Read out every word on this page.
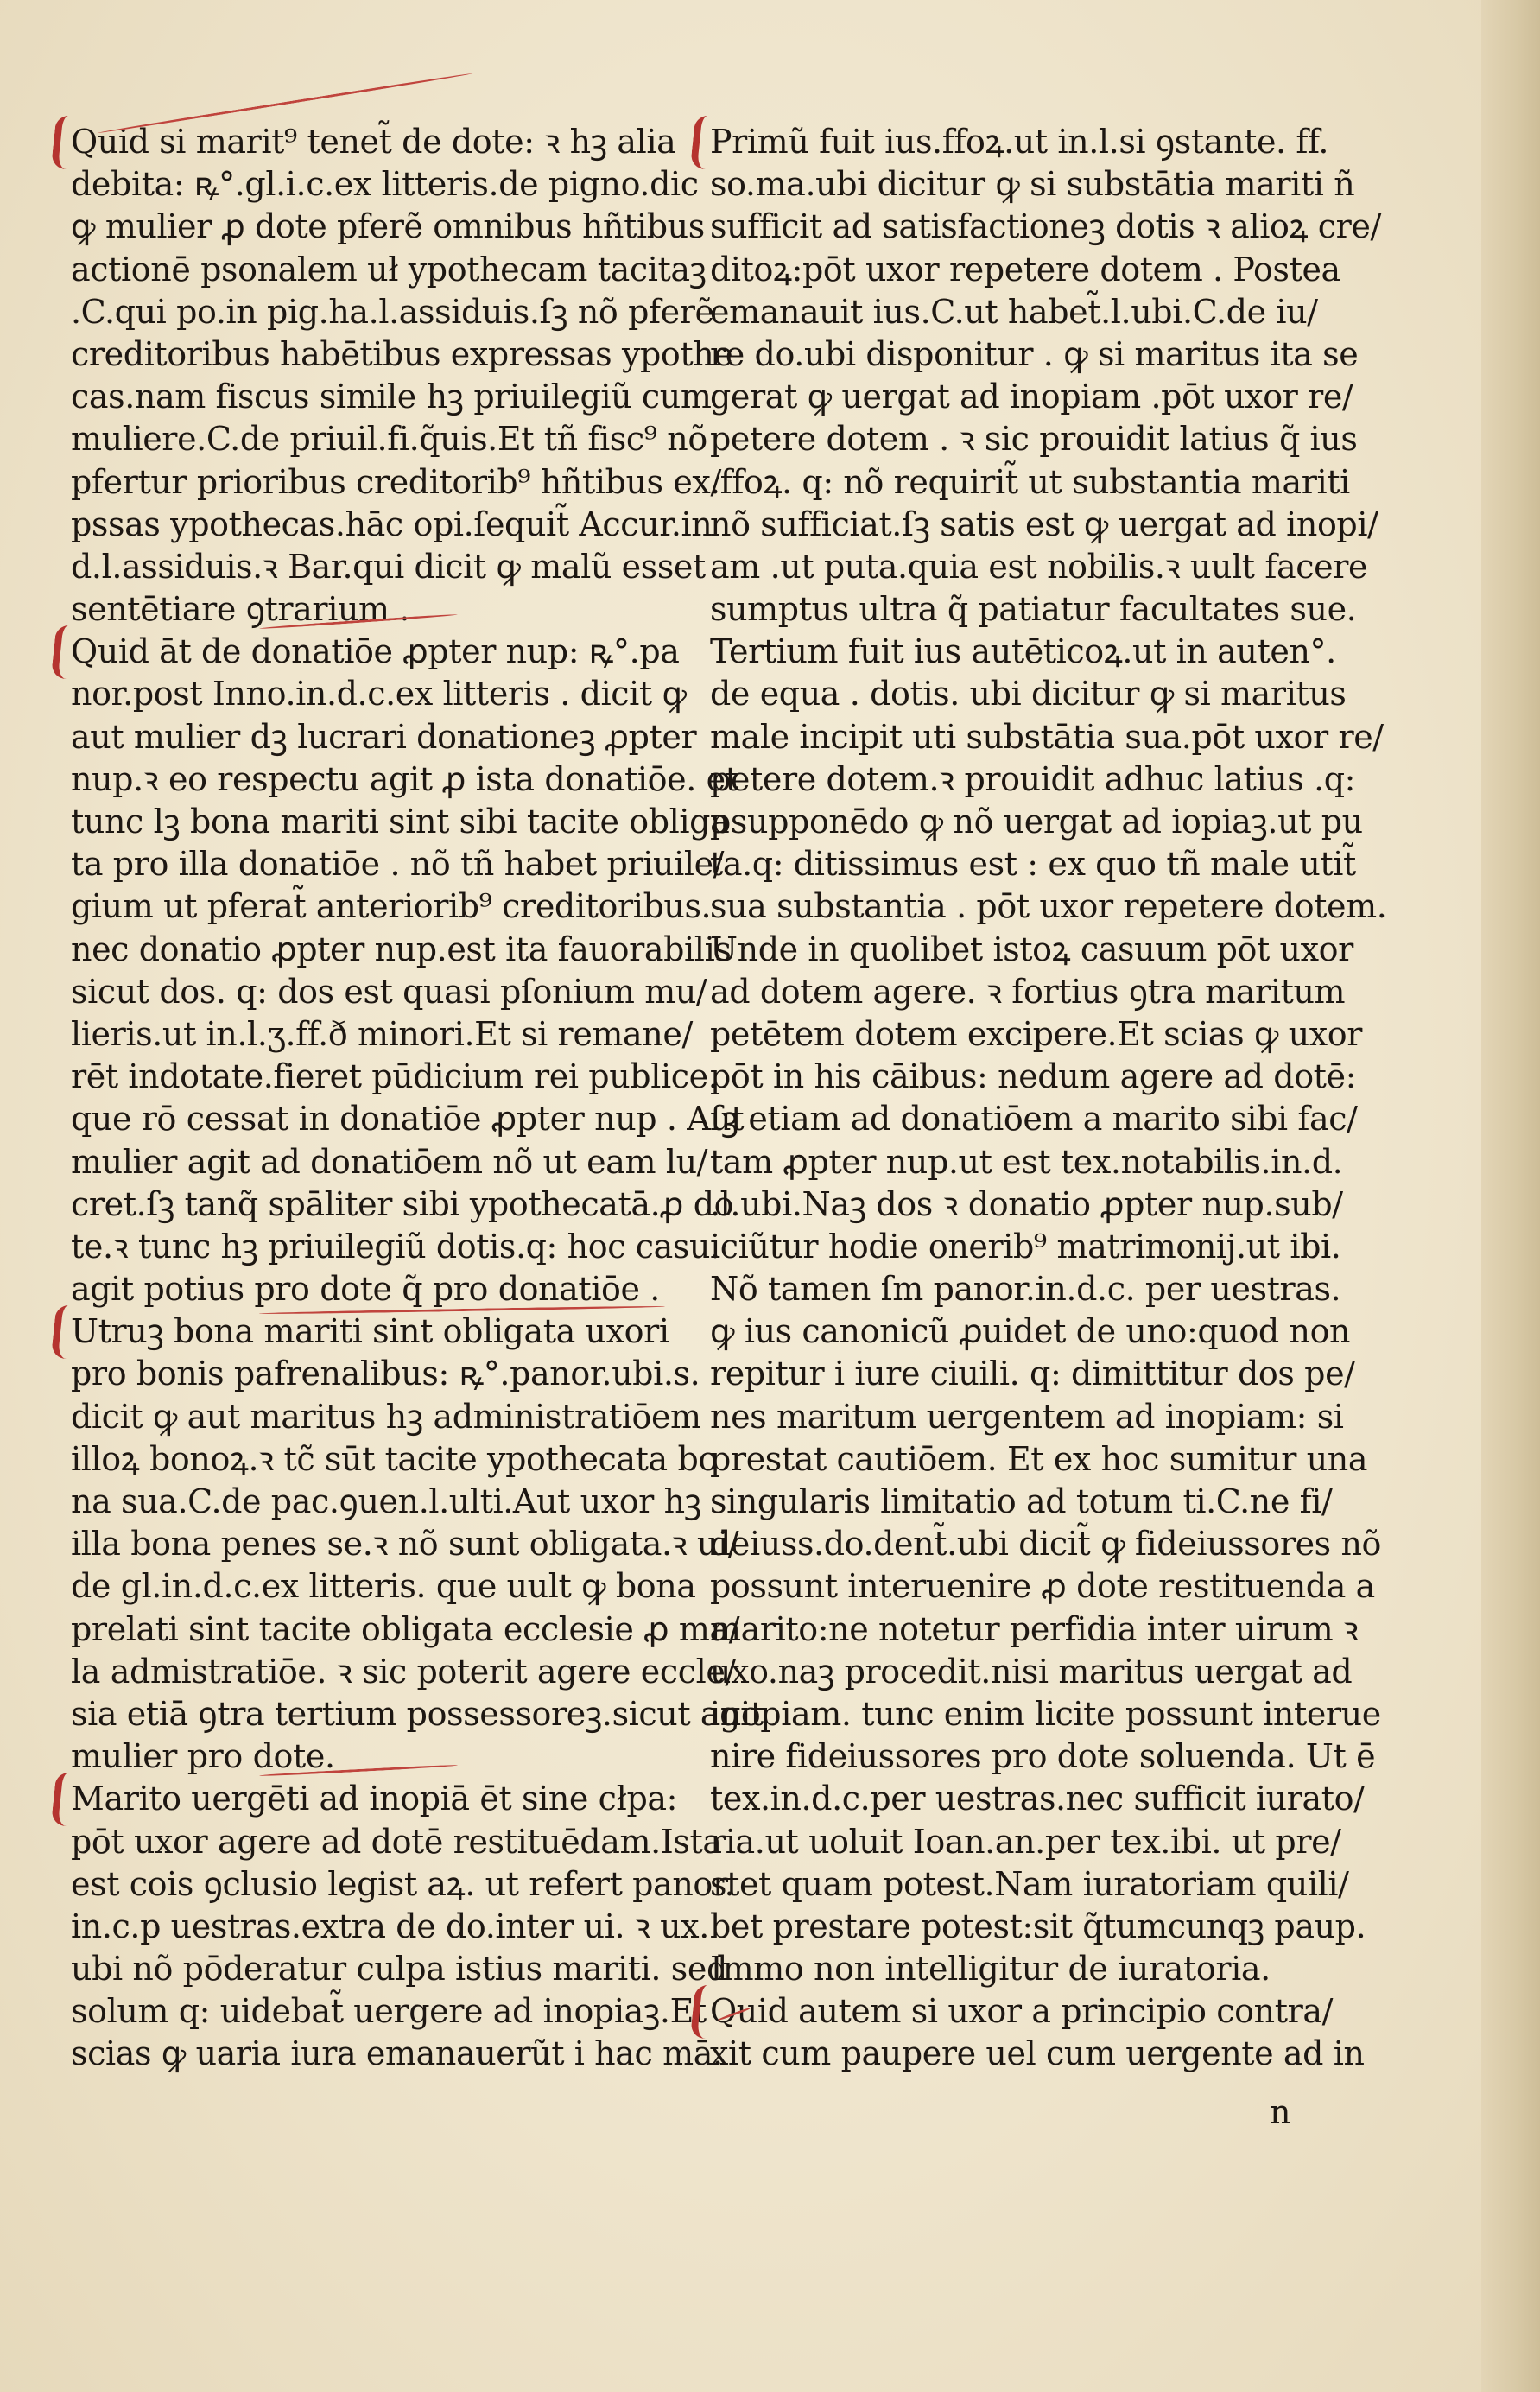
Quid si marit⁹ tenet̃ de dote: ꝛ hꝫ alia
debita: ꝶ°.gl.i.c.ex litteris.de pigno.dic
ꝙ mulier ꝓ dote pferẽ omnibus hñtibus
actionē psonalem uł ypothecam tacitaꝫ
.C.qui po.in pig.ha.l.assiduis.ſꝫ nõ pferẽ
creditoribus habētibus expressas ypothe
cas.nam fiscus simile hꝫ priuilegiũ cum
muliere.C.de priuil.fi.q̃uis.Et tñ fisc⁹ nõ
pfertur prioribus creditorib⁹ hñtibus ex/
pssas ypothecas.hāc opi.ſequit̃ Accur.in
d.l.assiduis.ꝛ Bar.qui dicit ꝙ malũ esset
sentētiare ꝯtrarium .
Quid āt de donatiōe ꝓpter nup: ꝶ°.pa
nor.post Inno.in.d.c.ex litteris . dicit ꝙ
aut mulier dꝫ lucrari donationeꝫ ꝓpter
nup.ꝛ eo respectu agit ꝓ ista donatiōe. et
tunc lꝫ bona mariti sint sibi tacite obliga
ta pro illa donatiōe . nõ tñ habet priuile/
gium ut pferat̃ anteriorib⁹ creditoribus.
nec donatio ꝓpter nup.est ita fauorabilis
sicut dos. q: dos est quasi pſonium mu/
lieris.ut in.l.ʒ.ff.ð minori.Et si remane/
rēt indotate.fieret pūdicium rei publice.
que rō cessat in donatiōe ꝓpter nup . Aut
mulier agit ad donatiōem nõ ut eam lu/
cret.ſꝫ tanq̃ spāliter sibi ypothecatā.ꝓ do
te.ꝛ tunc hꝫ priuilegiũ dotis.q: hoc casu.
agit potius pro dote q̃ pro donatiōe .
Utruꝫ bona mariti sint obligata uxori
pro bonis pafrenalibus: ꝶ°.panor.ubi.s.
dicit ꝙ aut maritus hꝫ administratiōem
illoꝝ bonoꝝ.ꝛ tc̃ sūt tacite ypothecata bo
na sua.C.de pac.ꝯuen.l.ulti.Aut uxor hꝫ
illa bona penes se.ꝛ nõ sunt obligata.ꝛ ui/
de gl.in.d.c.ex litteris. que uult ꝙ bona
prelati sint tacite obligata ecclesie ꝓ ma/
la admistratiōe. ꝛ sic poterit agere eccle/
sia etiā ꝯtra tertium possessoreꝫ.sicut agit
mulier pro dote.
Marito uergēti ad inopiā ēt sine cłpa:
pōt uxor agere ad dotē restituēdam.Ista
est cois ꝯclusio legist aꝝ. ut refert panor.
in.c.p uestras.extra de do.inter ui. ꝛ ux.
ubi nõ pōderatur culpa istius mariti. sed
solum q: uidebat̃ uergere ad inopiaꝫ.Et
scias ꝙ uaria iura emanauerũt i hac mā.
Primũ fuit ius.ffoꝝ.ut in.l.si ꝯstante. ff.
so.ma.ubi dicitur ꝙ si substātia mariti ñ
sufficit ad satisfactioneꝫ dotis ꝛ alioꝝ cre/
ditoꝝ:pōt uxor repetere dotem . Postea
emanauit ius.C.ut habet̃.l.ubi.C.de iu/
re do.ubi disponitur . ꝙ si maritus ita se
gerat ꝙ uergat ad inopiam .pōt uxor re/
petere dotem . ꝛ sic prouidit latius q̃ ius
.ffoꝝ. q: nõ requirit̃ ut substantia mariti
nõ sufficiat.ſꝫ satis est ꝙ uergat ad inopi/
am .ut puta.quia est nobilis.ꝛ uult facere
sumptus ultra q̃ patiatur facultates sue.
Tertium fuit ius autēticoꝝ.ut in auten°.
de equa . dotis. ubi dicitur ꝙ si maritus
male incipit uti substātia sua.pōt uxor re/
petere dotem.ꝛ prouidit adhuc latius .q:
psupponēdo ꝙ nõ uergat ad iopiaꝫ.ut pu
ta.q: ditissimus est : ex quo tñ male utit̃
sua substantia . pōt uxor repetere dotem.
Unde in quolibet istoꝝ casuum pōt uxor
ad dotem agere. ꝛ fortius ꝯtra maritum
petētem dotem excipere.Et scias ꝙ uxor
pōt in his cāibus: nedum agere ad dotē:
ſꝫ etiam ad donatiōem a marito sibi fac/
tam ꝓpter nup.ut est tex.notabilis.in.d.
.l.ubi.Naꝫ dos ꝛ donatio ꝓpter nup.sub/
iciũtur hodie onerib⁹ matrimonij.ut ibi.
Nõ tamen ſm panor.in.d.c. per uestras.
ꝙ ius canonicũ ꝓuidet de uno:quod non
repitur i iure ciuili. q: dimittitur dos pe/
nes maritum uergentem ad inopiam: si
prestat cautiōem. Et ex hoc sumitur una
singularis limitatio ad totum ti.C.ne fi/
deiuss.do.dent̃.ubi dicit̃ ꝙ fideiussores nõ
possunt interuenire ꝓ dote restituenda a
marito:ne notetur perfidia inter uirum ꝛ
uxo.naꝫ procedit.nisi maritus uergat ad
inopiam. tunc enim licite possunt interue
nire fideiussores pro dote soluenda. Ut ē
tex.in.d.c.per uestras.nec sufficit iurato/
ria.ut uoluit Ioan.an.per tex.ibi. ut pre/
stet quam potest.Nam iuratoriam quili/
bet prestare potest:sit q̃tumcunqꝫ paup.
Immo non intelligitur de iuratoria.
Quid autem si uxor a principio contra/
xit cum paupere uel cum uergente ad in
n
